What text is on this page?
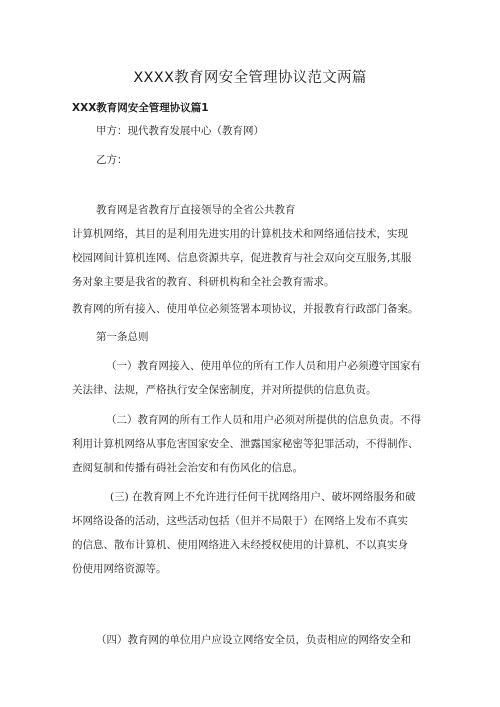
XXXX教育网安全管理协议范文两篇
XXX教育网安全管理协议篇1
甲方：现代教育发展中心（教育网）
乙方：
教育网是省教育厅直接领导的全省公共教育
计算机网络，其目的是利用先进实用的计算机技术和网络通信技术，实现
校园网间计算机连网、信息资源共享，促进教育与社会双向交互服务,其服
务对象主要是我省的教育、科研机构和全社会教育需求。
教育网的所有接入、使用单位必须签署本项协议，并报教育行政部门备案。
第一条总则
（一）教育网接入、使用单位的所有工作人员和用户必须遵守国家有
关法律、法规，严格执行安全保密制度，并对所提供的信息负责。
（二）教育网的所有工作人员和用户必须对所提供的信息负责。不得
利用计算机网络从事危害国家安全、泄露国家秘密等犯罪活动，不得制作、
查阅复制和传播有碍社会治安和有伤风化的信息。
(三) 在教育网上不允许进行任何干扰网络用户、破坏网络服务和破
坏网络设备的活动，这些活动包括（但并不局限于）在网络上发布不真实
的信息、散布计算机、使用网络进入未经授权使用的计算机、不以真实身
份使用网络资源等。
（四）教育网的单位用户应设立网络安全员，负责相应的网络安全和
